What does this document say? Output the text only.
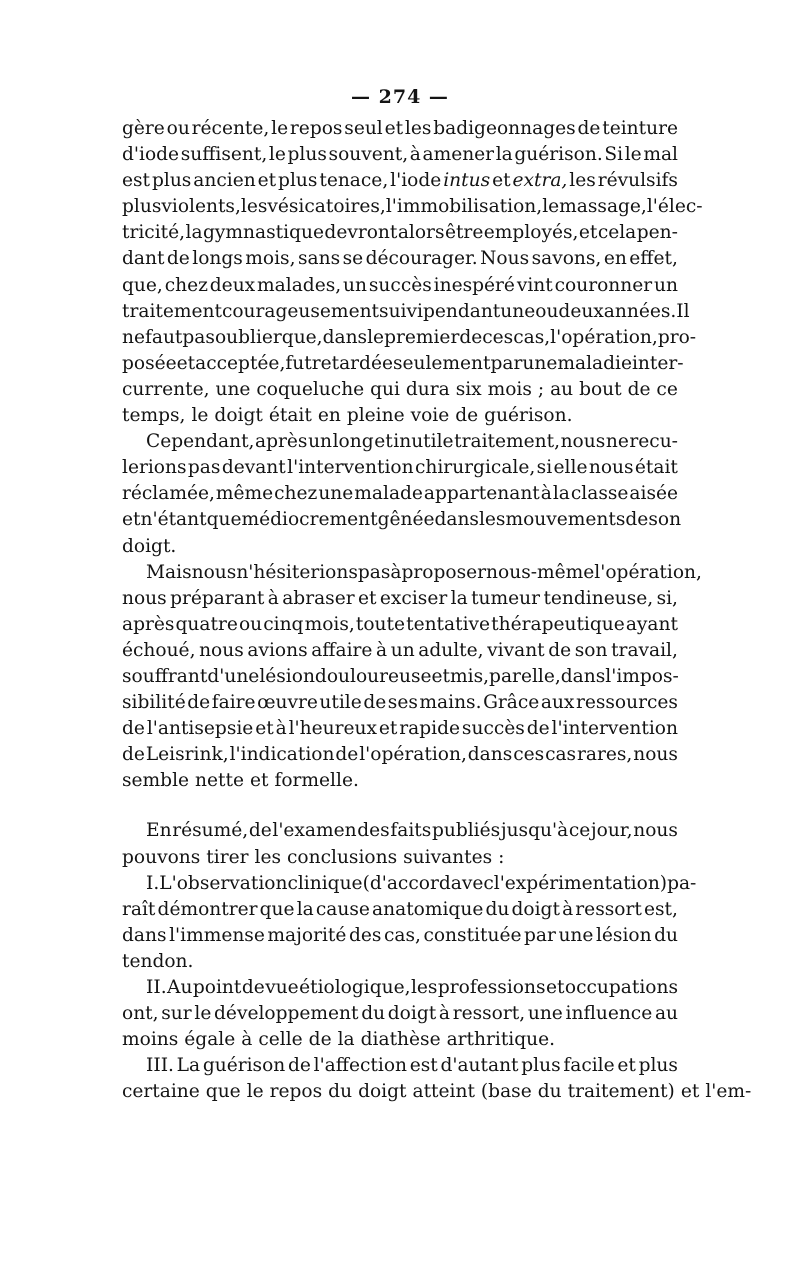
— 274 —
gère ou récente, le repos seul et les badigeonnages de teinture
d'iode suffisent, le plus souvent, à amener la guérison. Si le mal
est plus ancien et plus tenace, l'iode intus et extra, les révulsifs
plus violents, les vésicatoires, l'immobilisation, le massage, l'élec-
tricité, la gymnastique devront alors être employés, et cela pen-
dant de longs mois, sans se décourager. Nous savons, en effet,
que, chez deux malades, un succès inespéré vint couronner un
traitement courageusement suivi pendant une ou deux années. Il
ne faut pas oublier que, dans le premier de ces cas, l'opération, pro-
posée et acceptée, fut retardée seulement par une maladie inter-
currente, une coqueluche qui dura six mois ; au bout de ce
temps, le doigt était en pleine voie de guérison.
Cependant, après un long et inutile traitement, nous ne recu-
lerions pas devant l'intervention chirurgicale, si elle nous était
réclamée, même chez une malade appartenant à la classe aisée
et n'étant que médiocrement gênée dans les mouvements de son
doigt.
Mais nous n'hésiterions pas à proposer nous-même l'opération,
nous préparant à abraser et exciser la tumeur tendineuse, si,
après quatre ou cinq mois, toute tentative thérapeutique ayant
échoué, nous avions affaire à un adulte, vivant de son travail,
souffrant d'une lésion douloureuse et mis, par elle, dans l'impos-
sibilité de faire œuvre utile de ses mains. Grâce aux ressources
de l'antisepsie et à l'heureux et rapide succès de l'intervention
de Leisrink, l'indication de l'opération, dans ces cas rares, nous
semble nette et formelle.
En résumé, de l'examen des faits publiés jusqu'à ce jour, nous
pouvons tirer les conclusions suivantes :
I. L'observation clinique (d'accord avec l'expérimentation) pa-
raît démontrer que la cause anatomique du doigt à ressort est,
dans l'immense majorité des cas, constituée par une lésion du
tendon.
II. Au point de vue étiologique, les professions et occupations
ont, sur le développement du doigt à ressort, une influence au
moins égale à celle de la diathèse arthritique.
III. La guérison de l'affection est d'autant plus facile et plus
certaine que le repos du doigt atteint (base du traitement) et l'em-
